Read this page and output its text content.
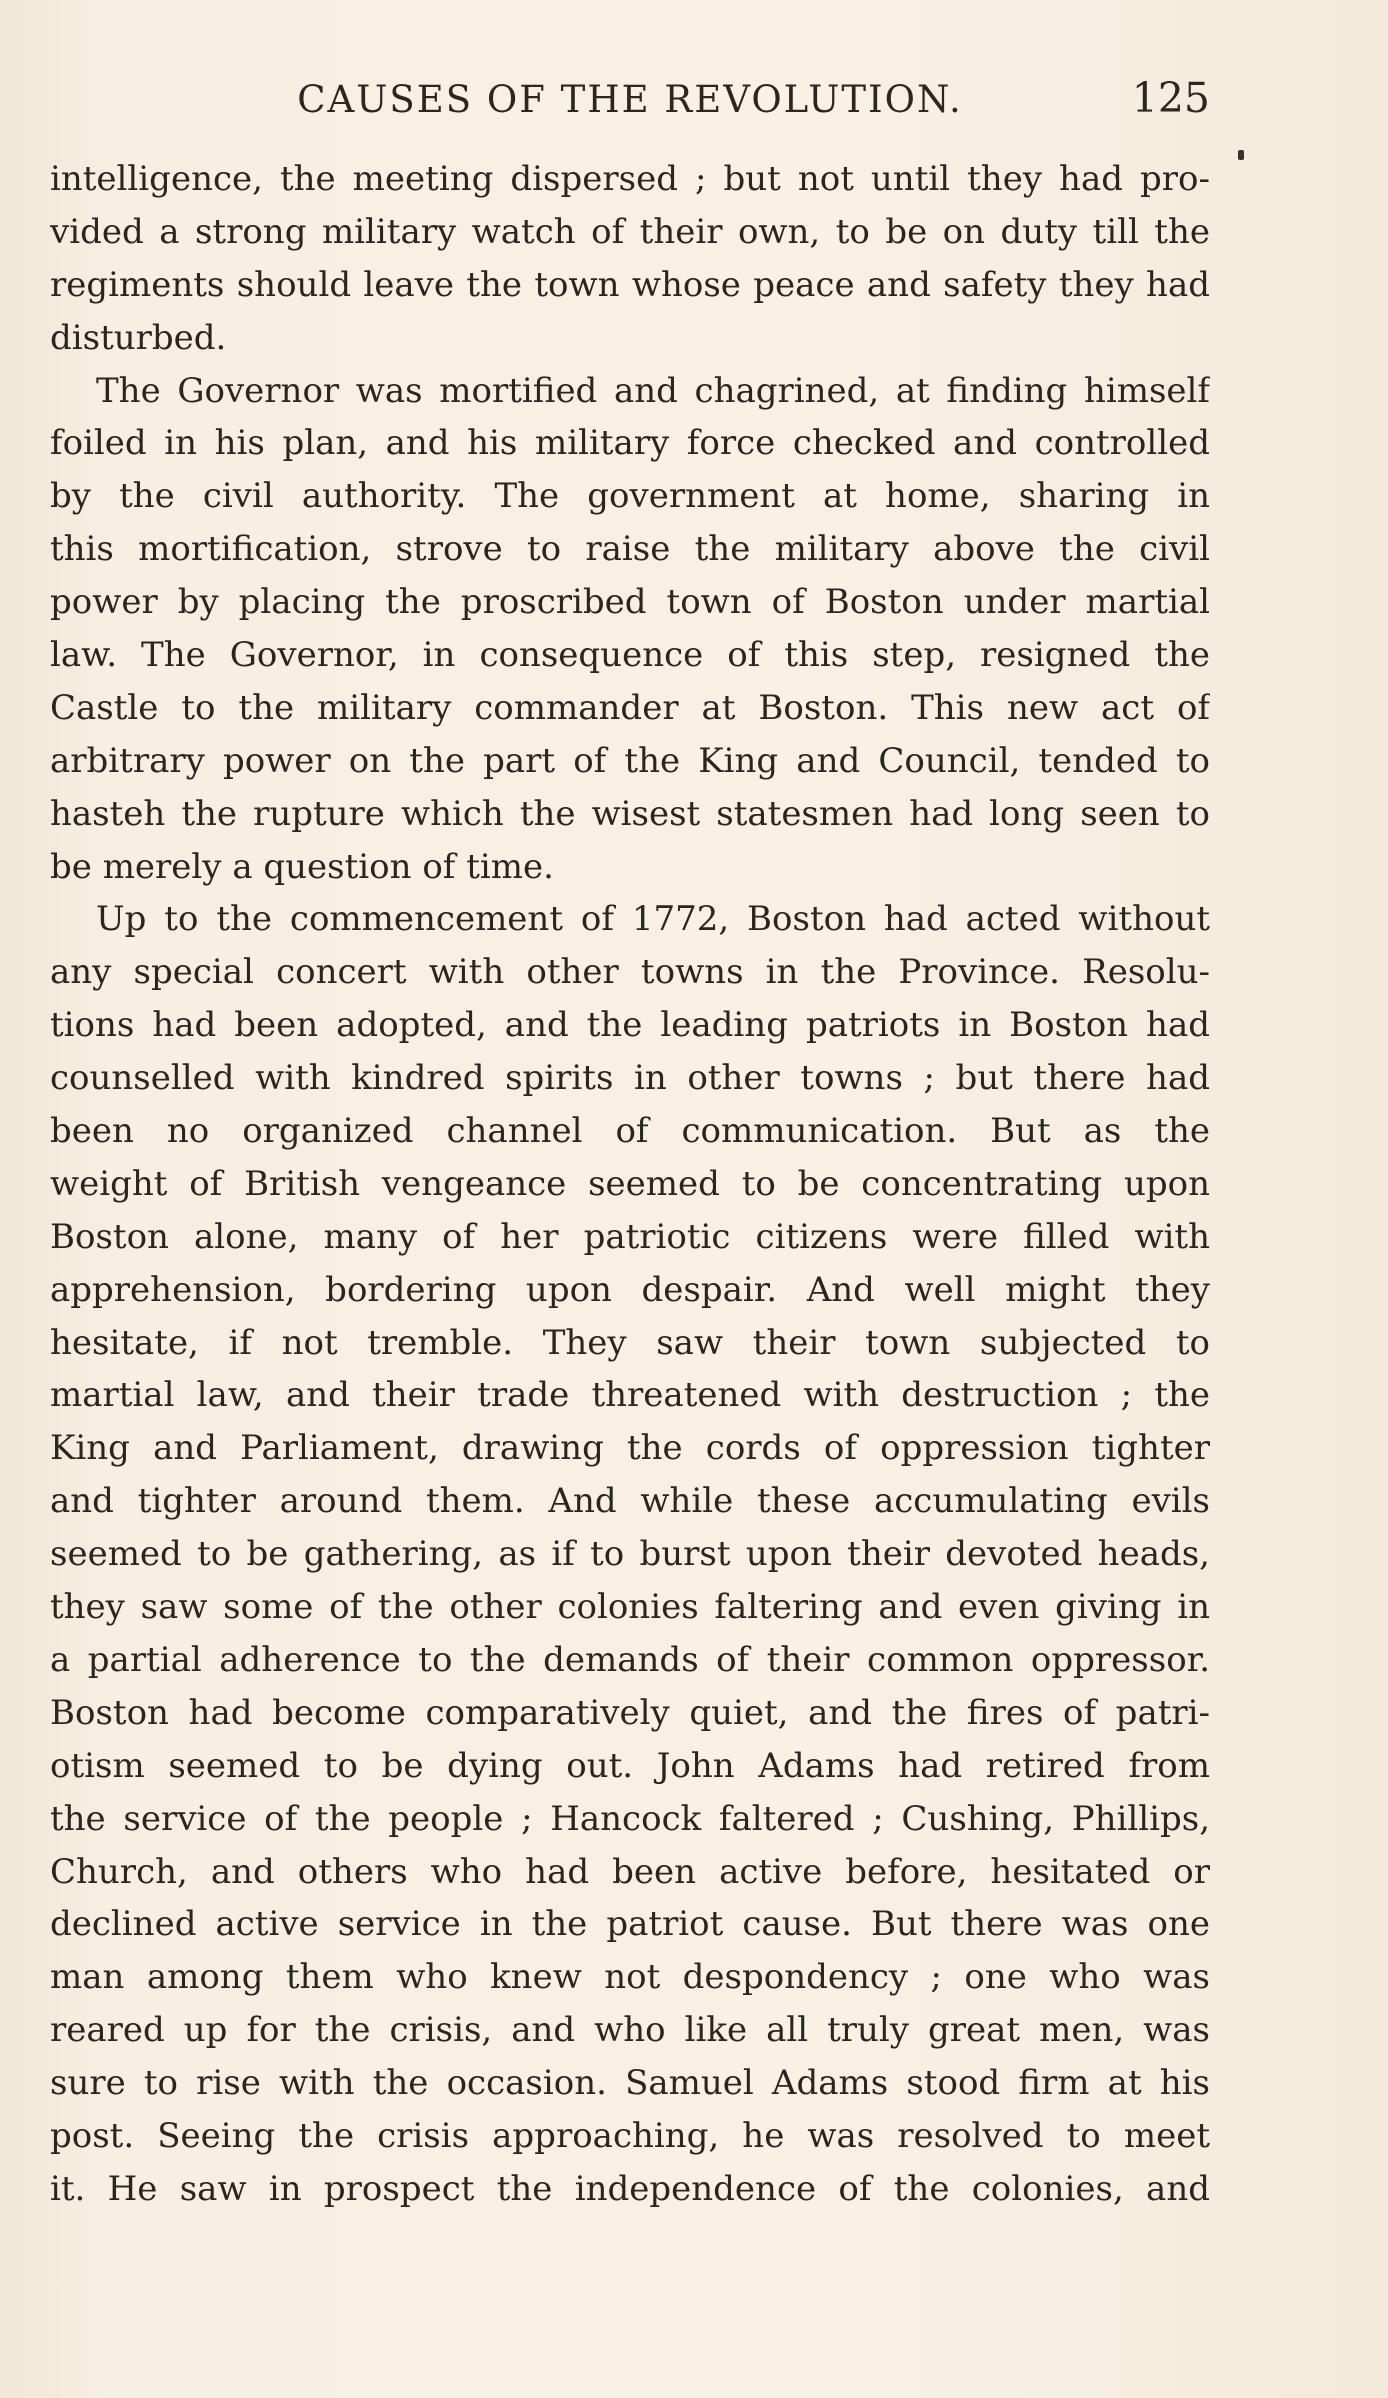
CAUSES OF THE REVOLUTION.	125
intelligence, the meeting dispersed ; but not until they had pro-
vided a strong military watch of their own, to be on duty till the
regiments should leave the town whose peace and safety they had
disturbed.
The Governor was mortified and chagrined, at finding himself
foiled in his plan, and his military force checked and controlled
by the civil authority. The government at home, sharing in
this mortification, strove to raise the military above the civil
power by placing the proscribed town of Boston under martial
law. The Governor, in consequence of this step, resigned the
Castle to the military commander at Boston. This new act of
arbitrary power on the part of the King and Council, tended to
hasteh the rupture which the wisest statesmen had long seen to
be merely a question of time.
Up to the commencement of 1772, Boston had acted without
any special concert with other towns in the Province. Resolu-
tions had been adopted, and the leading patriots in Boston had
counselled with kindred spirits in other towns ; but there had
been no organized channel of communication. But as the
weight of British vengeance seemed to be concentrating upon
Boston alone, many of her patriotic citizens were filled with
apprehension, bordering upon despair. And well might they
hesitate, if not tremble. They saw their town subjected to
martial law, and their trade threatened with destruction ; the
King and Parliament, drawing the cords of oppression tighter
and tighter around them. And while these accumulating evils
seemed to be gathering, as if to burst upon their devoted heads,
they saw some of the other colonies faltering and even giving in
a partial adherence to the demands of their common oppressor.
Boston had become comparatively quiet, and the fires of patri-
otism seemed to be dying out. John Adams had retired from
the service of the people ; Hancock faltered ; Cushing, Phillips,
Church, and others who had been active before, hesitated or
declined active service in the patriot cause. But there was one
man among them who knew not despondency ; one who was
reared up for the crisis, and who like all truly great men, was
sure to rise with the occasion. Samuel Adams stood firm at his
post. Seeing the crisis approaching, he was resolved to meet
it. He saw in prospect the independence of the colonies, and
